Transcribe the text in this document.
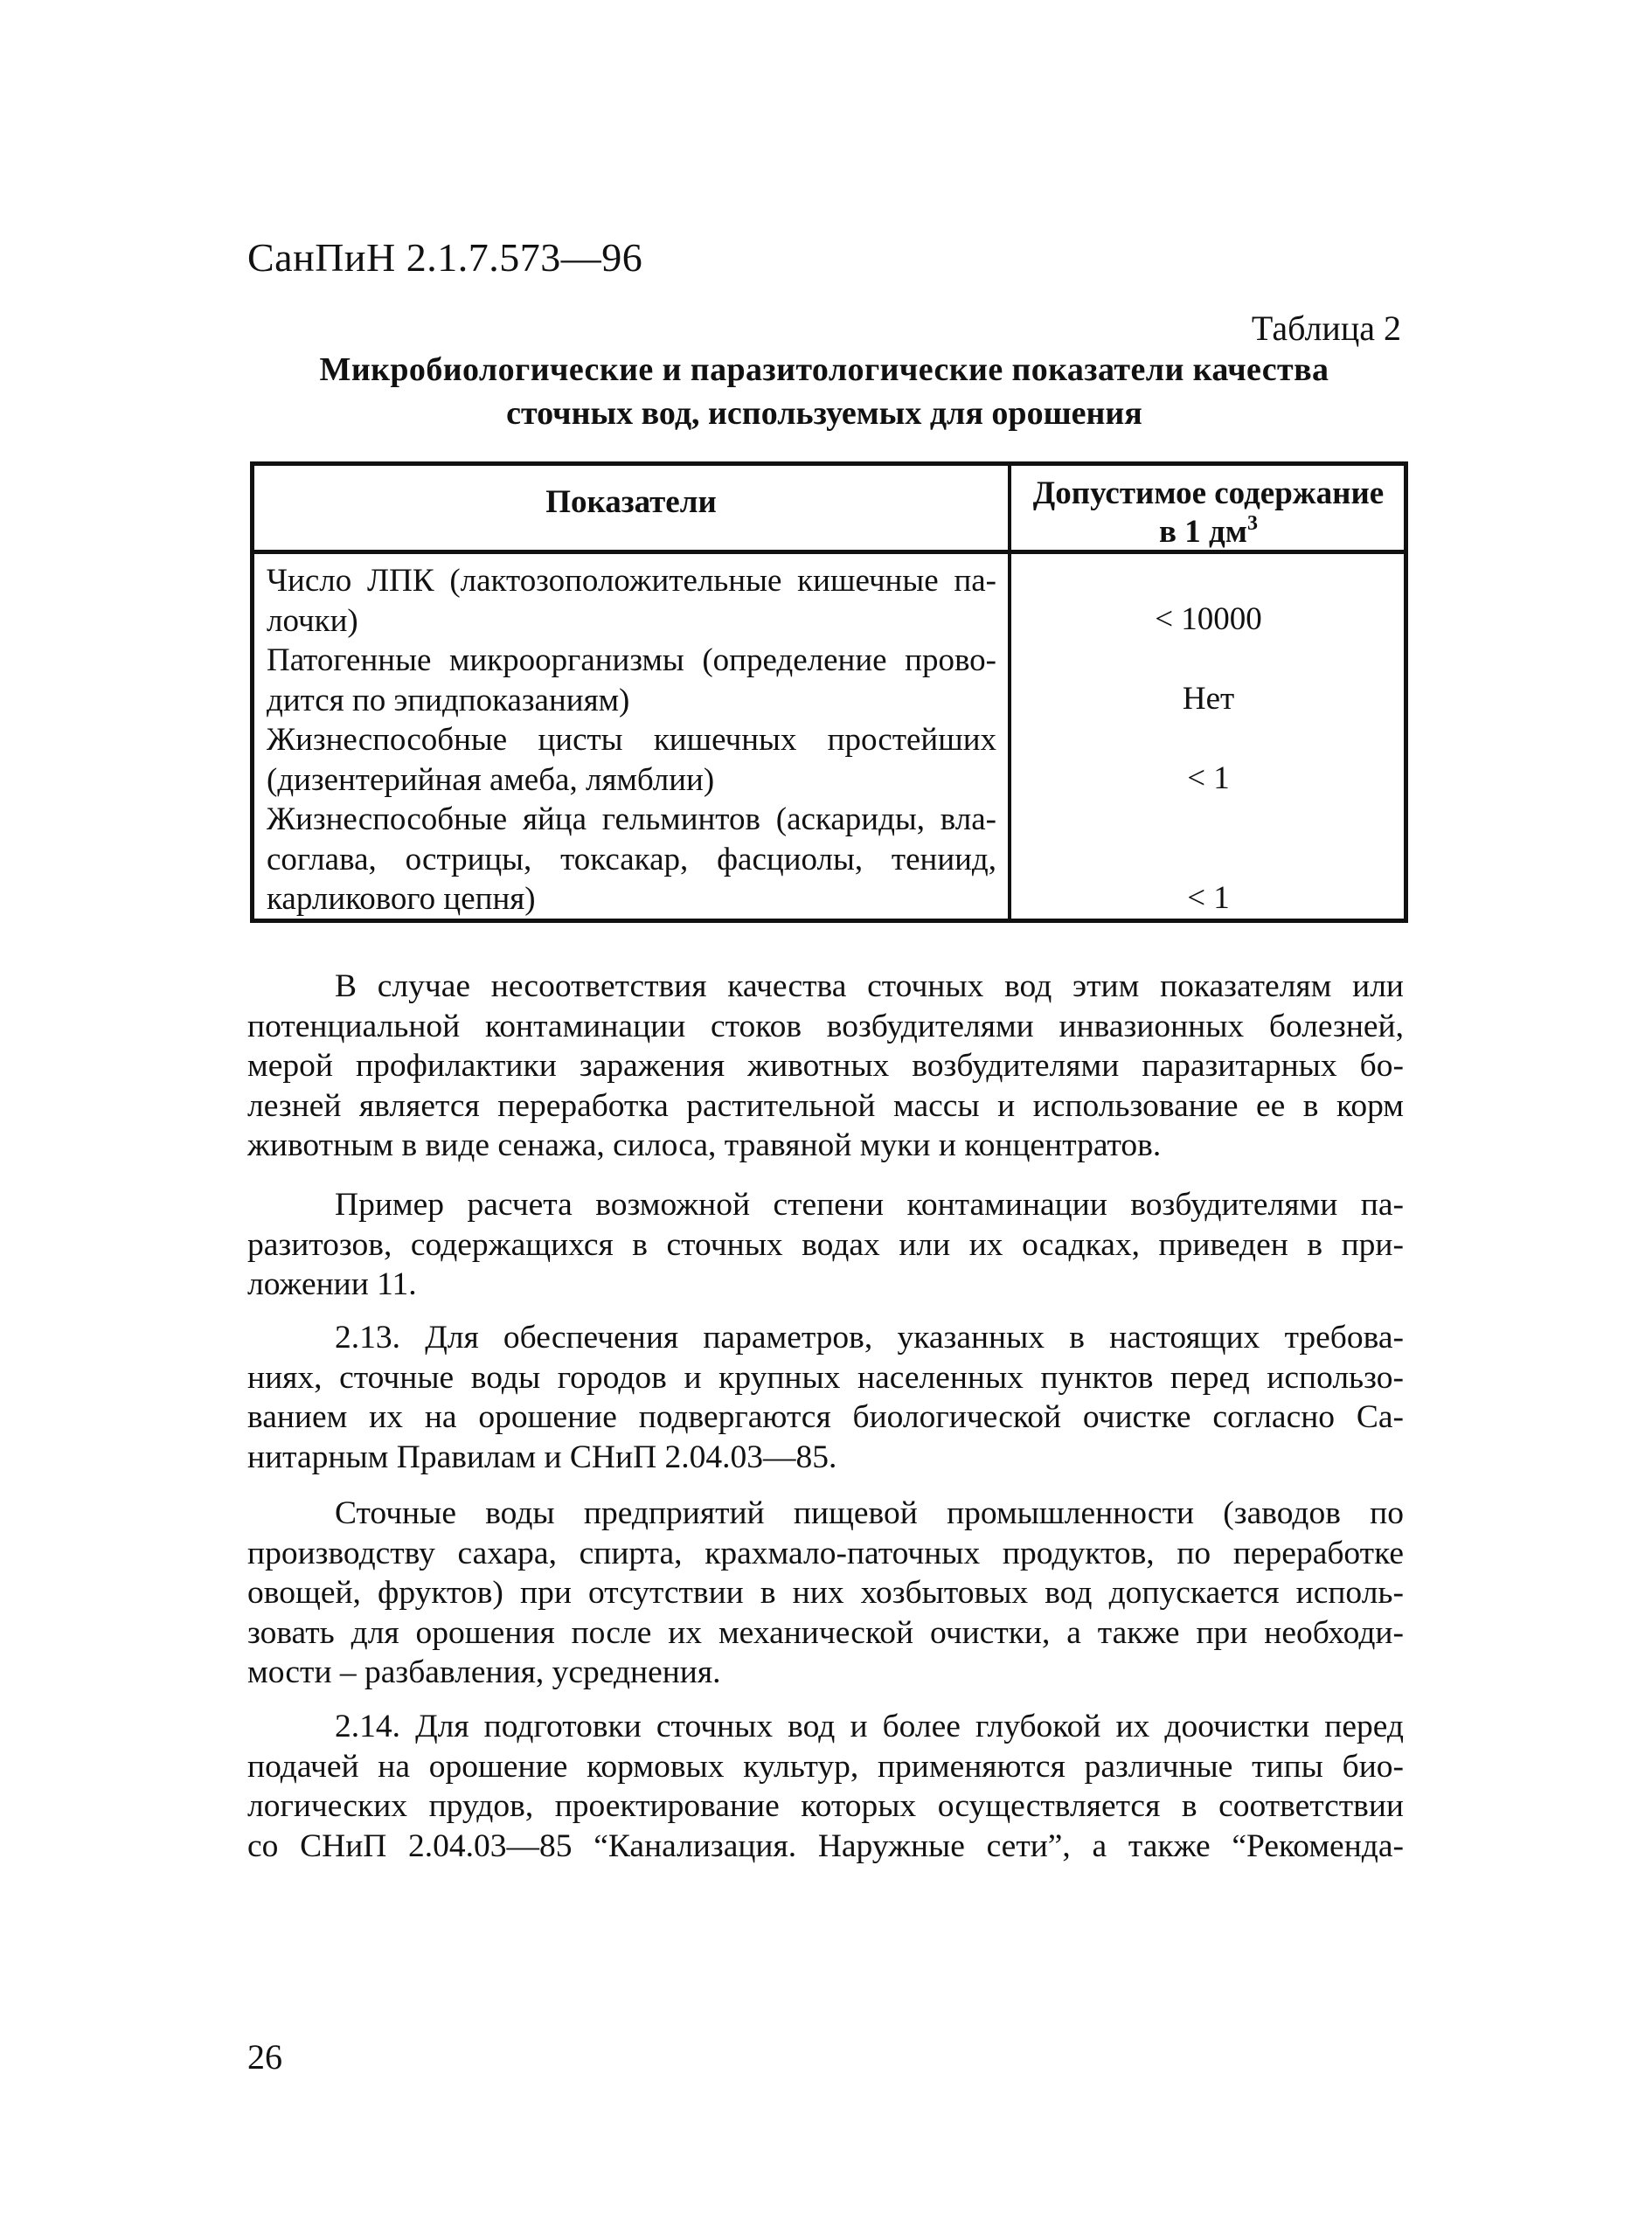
СанПиН 2.1.7.573—96
Таблица 2
Микробиологические и паразитологические показатели качества
сточных вод, используемых для орошения
Показатели	Допустимое содержание
в 1 $дм^3$
Число ЛПК (лактозоположительные кишечные па-
лочки)	< 10000
Патогенные микроорганизмы (определение прово-
дится по эпидпоказаниям)	Нет
Жизнеспособные цисты кишечных простейших
(дизентерийная амеба, лямблии)	< 1
Жизнеспособные яйца гельминтов (аскариды, вла-
соглава, острицы, токсакар, фасциолы, тениид,
карликового цепня)	< 1
В случае несоответствия качества сточных вод этим показателям или
потенциальной контаминации стоков возбудителями инвазионных болезней,
мерой профилактики заражения животных возбудителями паразитарных бо-
лезней является переработка растительной массы и использование ее в корм
животным в виде сенажа, силоса, травяной муки и концентратов.
Пример расчета возможной степени контаминации возбудителями па-
разитозов, содержащихся в сточных водах или их осадках, приведен в при-
ложении 11.
2.13. Для обеспечения параметров, указанных в настоящих требова-
ниях, сточные воды городов и крупных населенных пунктов перед использо-
ванием их на орошение подвергаются биологической очистке согласно Са-
нитарным Правилам и СНиП 2.04.03—85.
Сточные воды предприятий пищевой промышленности (заводов по
производству сахара, спирта, крахмало-паточных продуктов, по переработке
овощей, фруктов) при отсутствии в них хозбытовых вод допускается исполь-
зовать для орошения после их механической очистки, а также при необходи-
мости – разбавления, усреднения.
2.14. Для подготовки сточных вод и более глубокой их доочистки перед
подачей на орошение кормовых культур, применяются различные типы био-
логических прудов, проектирование которых осуществляется в соответствии
со СНиП 2.04.03—85 “Канализация. Наружные сети”, а также “Рекоменда-
26
